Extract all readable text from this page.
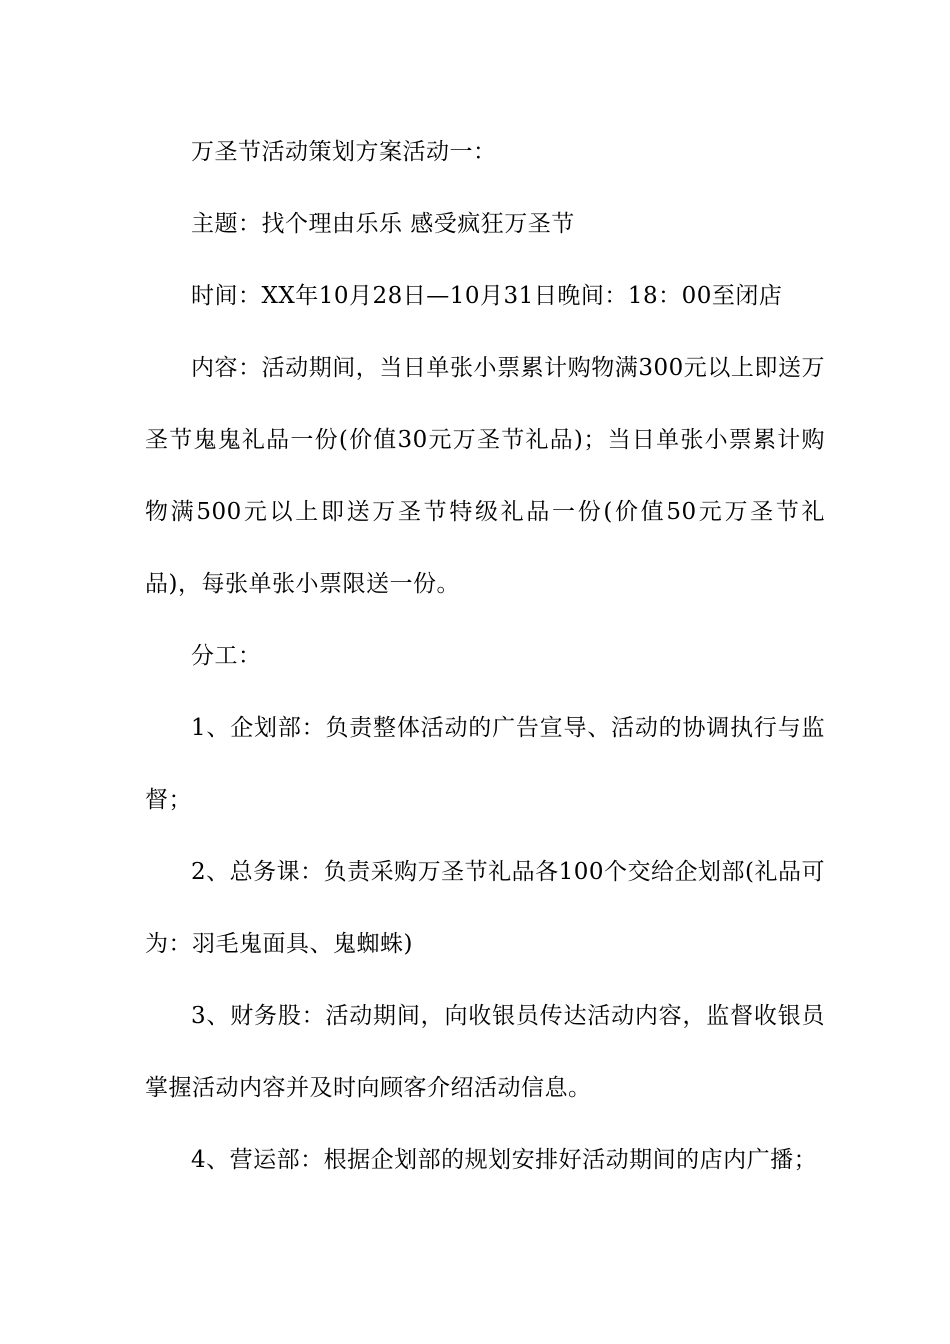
万圣节活动策划方案活动一：

主题：找个理由乐乐 感受疯狂万圣节

时间：XX年10月28日—10月31日晚间：18：00至闭店

内容：活动期间，当日单张小票累计购物满300元以上即送万圣节鬼鬼礼品一份(价值30元万圣节礼品)；当日单张小票累计购物满500元以上即送万圣节特级礼品一份(价值50元万圣节礼品)，每张单张小票限送一份。

分工：

1、企划部：负责整体活动的广告宣导、活动的协调执行与监督；

2、总务课：负责采购万圣节礼品各100个交给企划部(礼品可为：羽毛鬼面具、鬼蜘蛛)

3、财务股：活动期间，向收银员传达活动内容，监督收银员掌握活动内容并及时向顾客介绍活动信息。

4、营运部：根据企划部的规划安排好活动期间的店内广播；
